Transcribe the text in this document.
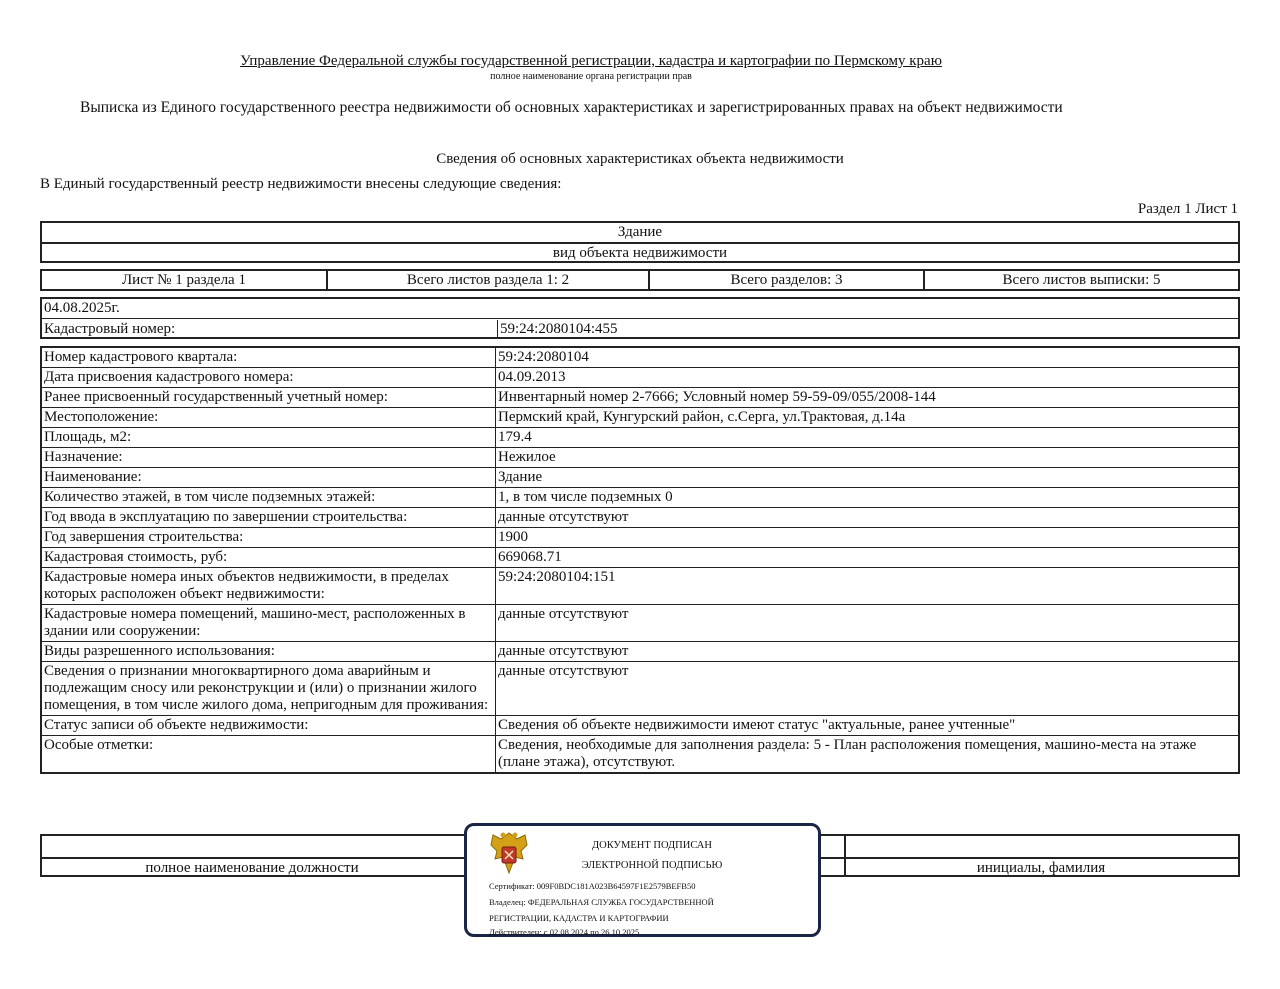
Управление Федеральной службы государственной регистрации, кадастра и картографии по Пермскому краю
полное наименование органа регистрации прав
Выписка из Единого государственного реестра недвижимости об основных характеристиках и зарегистрированных правах на объект недвижимости
Сведения об основных характеристиках объекта недвижимости
В Единый государственный реестр недвижимости внесены следующие сведения:
Раздел 1 Лист 1
Здание
вид объекта недвижимости
Лист № 1 раздела 1	Всего листов раздела 1: 2	Всего разделов: 3	Всего листов выписки: 5
04.08.2025г.
Кадастровый номер:	59:24:2080104:455
Номер кадастрового квартала:	59:24:2080104
Дата присвоения кадастрового номера:	04.09.2013
Ранее присвоенный государственный учетный номер:	Инвентарный номер 2-7666; Условный номер 59-59-09/055/2008-144
Местоположение:	Пермский край, Кунгурский район, с.Серга, ул.Трактовая, д.14а
Площадь, м2:	179.4
Назначение:	Нежилое
Наименование:	Здание
Количество этажей, в том числе подземных этажей:	1, в том числе подземных 0
Год ввода в эксплуатацию по завершении строительства:	данные отсутствуют
Год завершения строительства:	1900
Кадастровая стоимость, руб:	669068.71
Кадастровые номера иных объектов недвижимости, в пределах которых расположен объект недвижимости:	59:24:2080104:151
Кадастровые номера помещений, машино-мест, расположенных в здании или сооружении:	данные отсутствуют
Виды разрешенного использования:	данные отсутствуют
Сведения о признании многоквартирного дома аварийным и подлежащим сносу или реконструкции и (или) о признании жилого помещения, в том числе жилого дома, непригодным для проживания:	данные отсутствуют
Статус записи об объекте недвижимости:	Сведения об объекте недвижимости имеют статус "актуальные, ранее учтенные"
Особые отметки:	Сведения, необходимые для заполнения раздела: 5 - План расположения помещения, машино-места на этаже (плане этажа), отсутствуют.
полное наименование должности	инициалы, фамилия
ДОКУМЕНТ ПОДПИСАН
ЭЛЕКТРОННОЙ ПОДПИСЬЮ
Сертификат: 009F0BDC181A023B64597F1E2579BEFB50
Владелец: ФЕДЕРАЛЬНАЯ СЛУЖБА ГОСУДАРСТВЕННОЙ
РЕГИСТРАЦИИ, КАДАСТРА И КАРТОГРАФИИ
Действителен: с 02.08.2024 по 26.10.2025
